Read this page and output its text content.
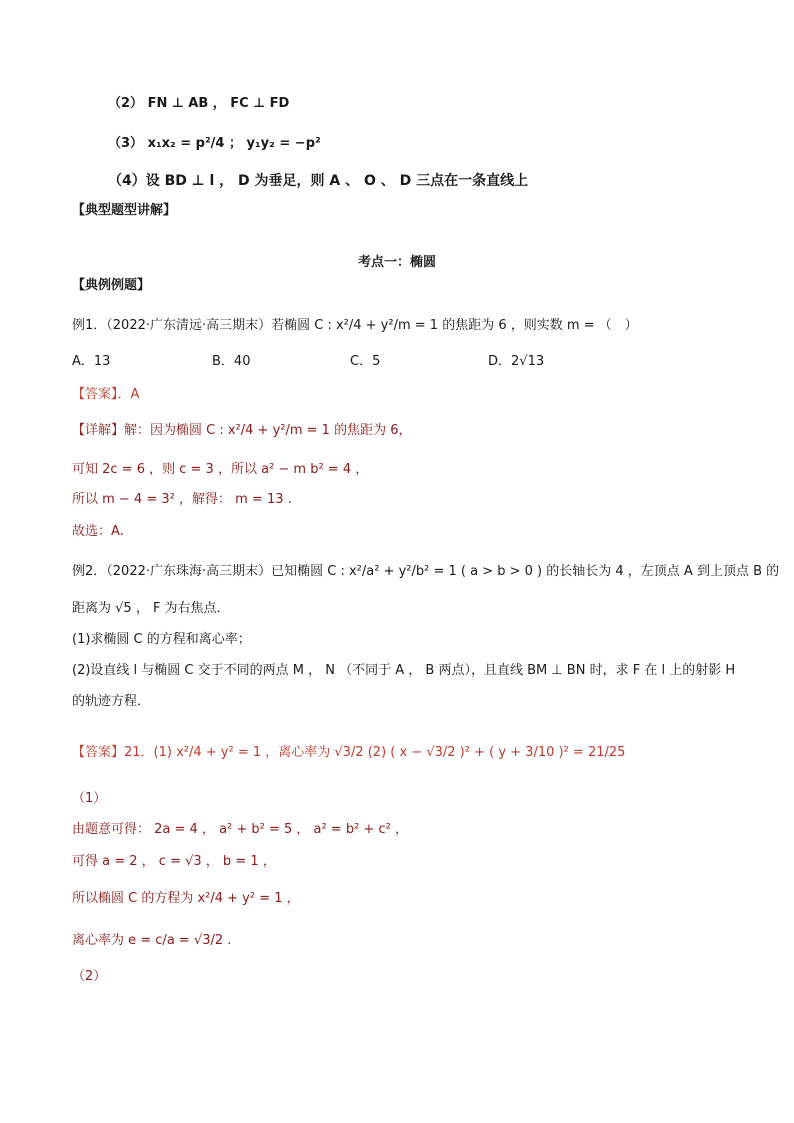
（2） FN ⊥ AB ， FC ⊥ FD
（3） x₁x₂ = p²/4 ； y₁y₂ = −p²
（4）设 BD ⊥ l ， D 为垂足，则 A 、 O 、 D 三点在一条直线上
【典型题型讲解】
考点一：椭圆
【典例例题】
例1．（2022·广东清远·高三期末）若椭圆 C : x²/4 + y²/m = 1 的焦距为 6 ，则实数 m = （　）
A．13	B．40	C．5	D．2√13
【答案】．A
【详解】解：因为椭圆 C : x²/4 + y²/m = 1 的焦距为 6，
可知 2c = 6 ，则 c = 3 ，所以 a² − m b² = 4 ，
所以 m − 4 = 3² ，解得： m = 13 .
故选：A.
例2．（2022·广东珠海·高三期末）已知椭圆 C : x²/a² + y²/b² = 1 ( a > b > 0 ) 的长轴长为 4 ，左顶点 A 到上顶点 B 的
距离为 √5 ， F 为右焦点．
(1)求椭圆 C 的方程和离心率；
(2)设直线 l 与椭圆 C 交于不同的两点 M ， N （不同于 A ， B 两点），且直线 BM ⊥ BN 时，求 F 在 l 上的射影 H
的轨迹方程．
【答案】21．(1) x²/4 + y² = 1 ，离心率为 √3/2 (2) ( x − √3/2 )² + ( y + 3/10 )² = 21/25
（1）
由题意可得： 2a = 4 ， a² + b² = 5 ， a² = b² + c² ，
可得 a = 2 ， c = √3 ， b = 1 ，
所以椭圆 C 的方程为 x²/4 + y² = 1 ，
离心率为 e = c/a = √3/2 .
（2）
